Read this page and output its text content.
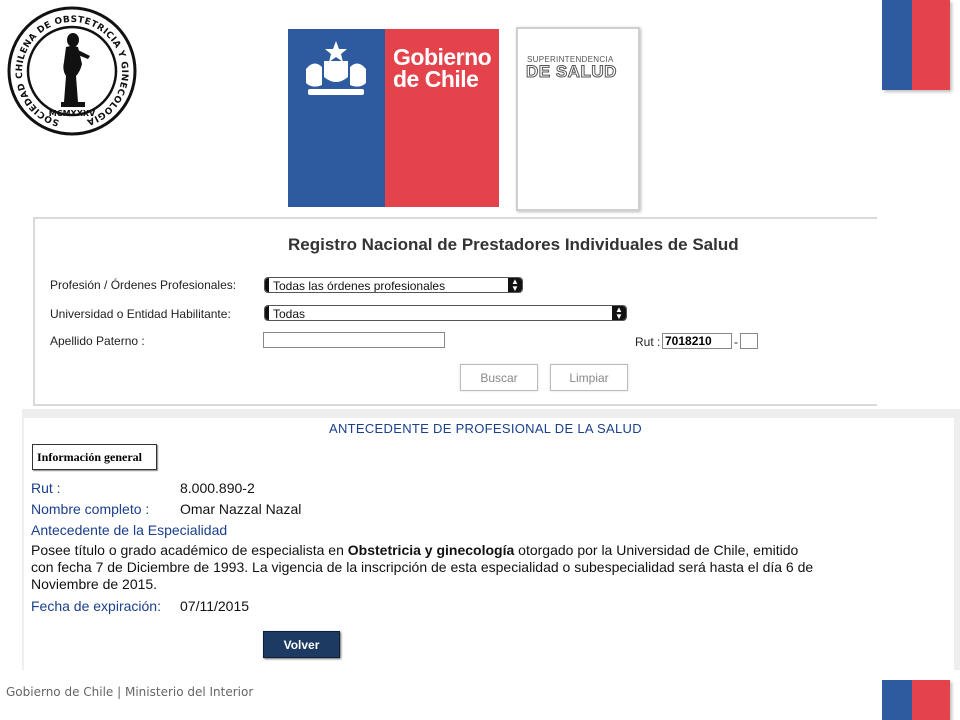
SOCIEDAD CHILENA DE OBSTETRICIA Y GINECOLOGIA
MCMXXXV
Gobierno
de Chile
SUPERINTENDENCIA
DE SALUD
Registro Nacional de Prestadores Individuales de Salud
Profesión / Órdenes Profesionales:	Todas las órdenes profesionales	▲
▼
Universidad o Entidad Habilitante:	Todas	▲
▼
Apellido Paterno :	Rut : 7018210	-
Buscar	Limpiar
ANTECEDENTE DE PROFESIONAL DE LA SALUD
Información general
Rut :	8.000.890-2
Nombre completo : Omar Nazzal Nazal
Antecedente de la Especialidad
Posee título o grado académico de especialista en Obstetricia y ginecología otorgado por la Universidad de Chile, emitido con fecha 7 de Diciembre de 1993. La vigencia de la inscripción de esta especialidad o subespecialidad será hasta el día 6 de Noviembre de 2015.
Fecha de expiración: 07/11/2015
Volver
Gobierno de Chile | Ministerio del Interior
